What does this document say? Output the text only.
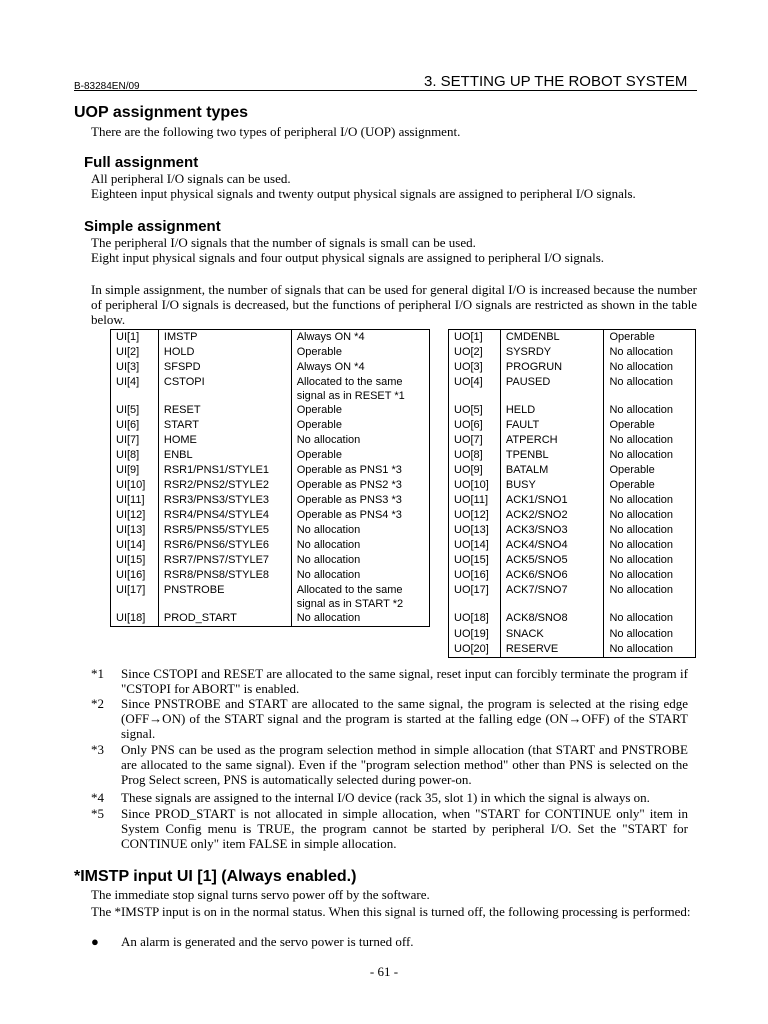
B-83284EN/09	3. SETTING UP THE ROBOT SYSTEM
UOP assignment types
There are the following two types of peripheral I/O (UOP) assignment.
Full assignment
All peripheral I/O signals can be used.
Eighteen input physical signals and twenty output physical signals are assigned to peripheral I/O signals.
Simple assignment
The peripheral I/O signals that the number of signals is small can be used.
Eight input physical signals and four output physical signals are assigned to peripheral I/O signals.
In simple assignment, the number of signals that can be used for general digital I/O is increased because the number of peripheral I/O signals is decreased, but the functions of peripheral I/O signals are restricted as shown in the table below.
UI[1]	IMSTP	Always ON *4
UI[2]	HOLD	Operable
UI[3]	SFSPD	Always ON *4
UI[4]	CSTOPI	Allocated to the same signal as in RESET *1
UI[5]	RESET	Operable
UI[6]	START	Operable
UI[7]	HOME	No allocation
UI[8]	ENBL	Operable
UI[9]	RSR1/PNS1/STYLE1	Operable as PNS1 *3
UI[10]	RSR2/PNS2/STYLE2	Operable as PNS2 *3
UI[11]	RSR3/PNS3/STYLE3	Operable as PNS3 *3
UI[12]	RSR4/PNS4/STYLE4	Operable as PNS4 *3
UI[13]	RSR5/PNS5/STYLE5	No allocation
UI[14]	RSR6/PNS6/STYLE6	No allocation
UI[15]	RSR7/PNS7/STYLE7	No allocation
UI[16]	RSR8/PNS8/STYLE8	No allocation
UI[17]	PNSTROBE	Allocated to the same signal as in START *2
UI[18]	PROD_START	No allocation
UO[1]	CMDENBL	Operable
UO[2]	SYSRDY	No allocation
UO[3]	PROGRUN	No allocation
UO[4]	PAUSED	No allocation
UO[5]	HELD	No allocation
UO[6]	FAULT	Operable
UO[7]	ATPERCH	No allocation
UO[8]	TPENBL	No allocation
UO[9]	BATALM	Operable
UO[10]	BUSY	Operable
UO[11]	ACK1/SNO1	No allocation
UO[12]	ACK2/SNO2	No allocation
UO[13]	ACK3/SNO3	No allocation
UO[14]	ACK4/SNO4	No allocation
UO[15]	ACK5/SNO5	No allocation
UO[16]	ACK6/SNO6	No allocation
UO[17]	ACK7/SNO7	No allocation
UO[18]	ACK8/SNO8	No allocation
UO[19]	SNACK	No allocation
UO[20]	RESERVE	No allocation
*1	Since CSTOPI and RESET are allocated to the same signal, reset input can forcibly terminate the program if "CSTOPI for ABORT" is enabled.
*2	Since PNSTROBE and START are allocated to the same signal, the program is selected at the rising edge (OFF→ON) of the START signal and the program is started at the falling edge (ON→OFF) of the START signal.
*3	Only PNS can be used as the program selection method in simple allocation (that START and PNSTROBE are allocated to the same signal). Even if the "program selection method" other than PNS is selected on the Prog Select screen, PNS is automatically selected during power-on.
*4	These signals are assigned to the internal I/O device (rack 35, slot 1) in which the signal is always on.
*5	Since PROD_START is not allocated in simple allocation, when "START for CONTINUE only" item in System Config menu is TRUE, the program cannot be started by peripheral I/O. Set the "START for CONTINUE only" item FALSE in simple allocation.
*IMSTP input UI [1] (Always enabled.)
The immediate stop signal turns servo power off by the software.
The *IMSTP input is on in the normal status. When this signal is turned off, the following processing is performed:
● An alarm is generated and the servo power is turned off.
- 61 -
